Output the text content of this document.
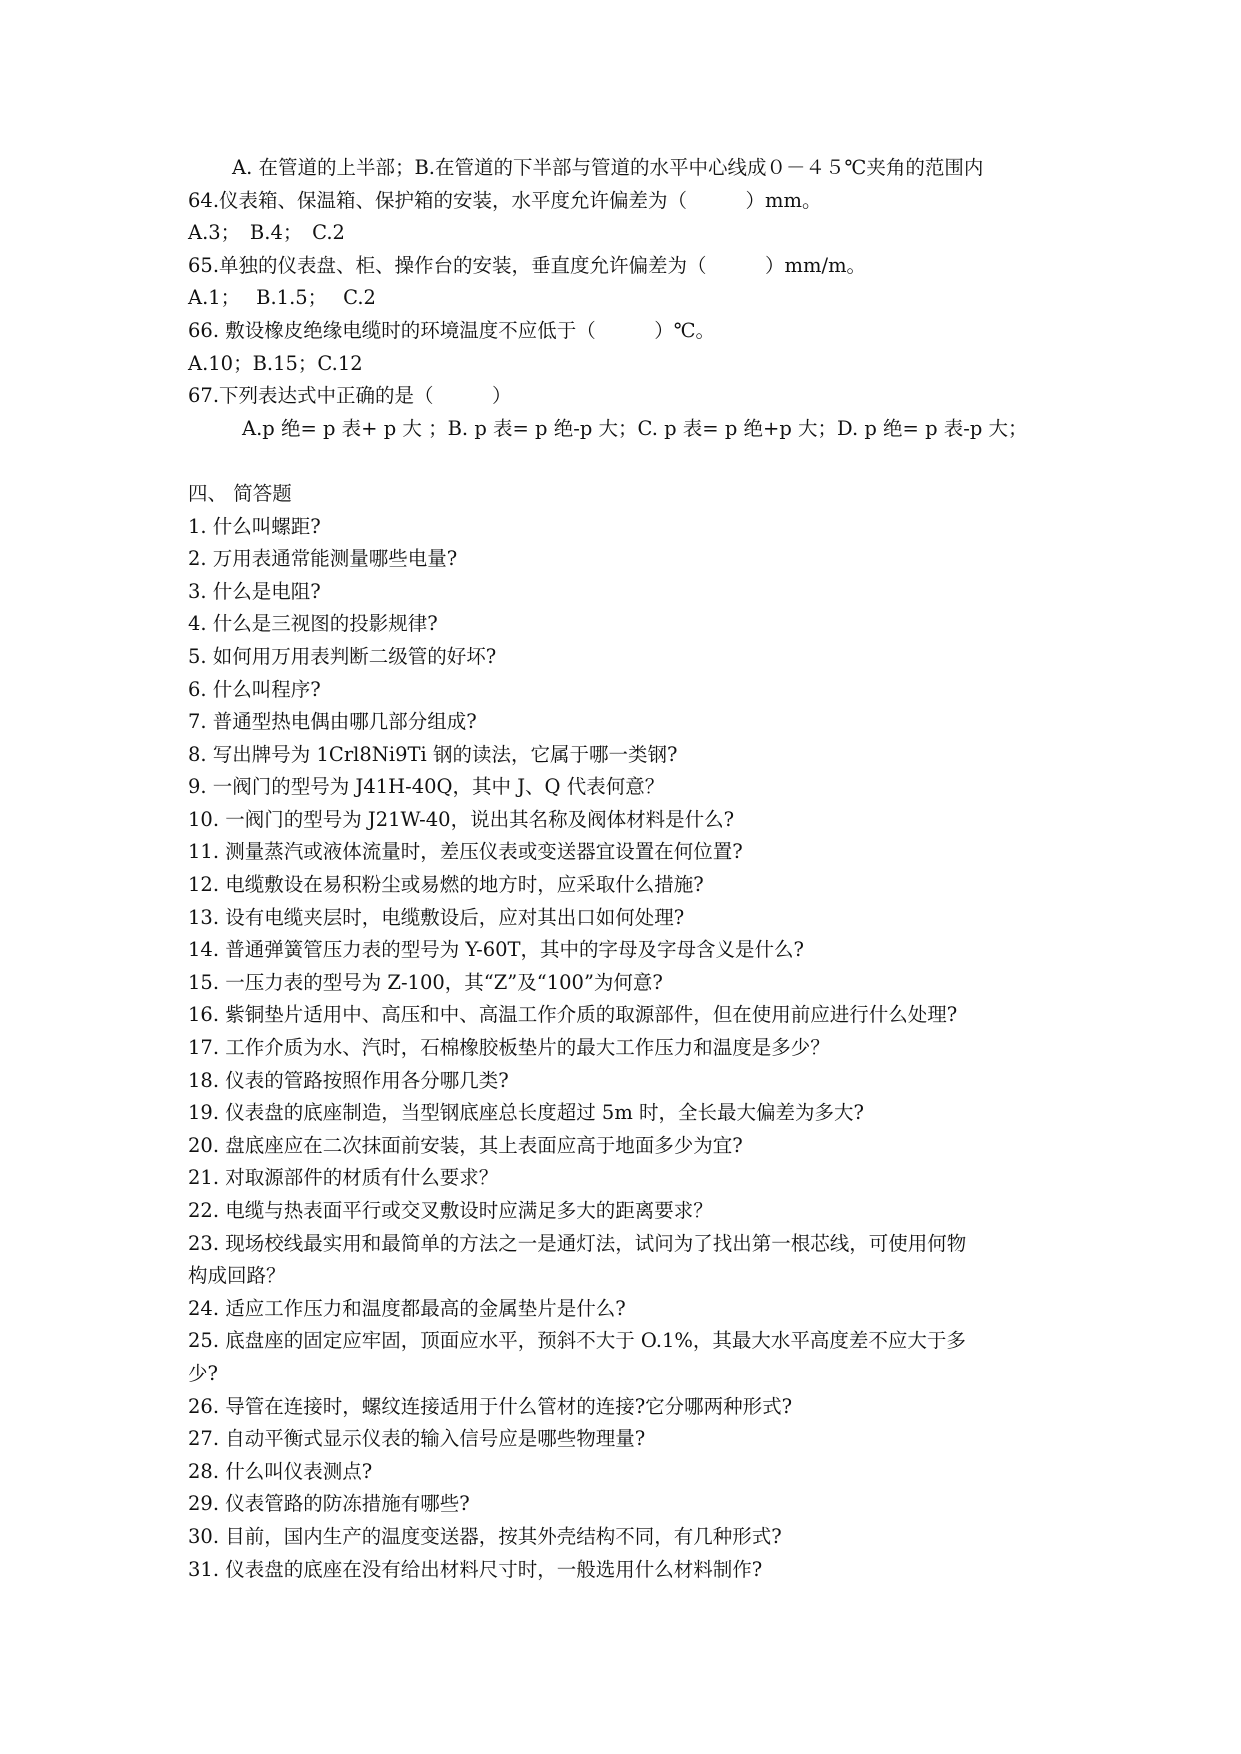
A. 在管道的上半部；B.在管道的下半部与管道的水平中心线成０－４５℃夹角的范围内
64.仪表箱、保温箱、保护箱的安装，水平度允许偏差为（　　　）mm。
A.3；　B.4；　C.2
65.单独的仪表盘、柜、操作台的安装，垂直度允许偏差为（　　　）mm/m。
A.1；　 B.1.5；　 C.2
66. 敷设橡皮绝缘电缆时的环境温度不应低于（　　　）℃。
A.10；B.15；C.12
67.下列表达式中正确的是（　　　）
A.p 绝= p 表+ p 大 ；B. p 表= p 绝-p 大；C. p 表= p 绝+p 大；D. p 绝= p 表-p 大；
四、 简答题
1. 什么叫螺距?
2. 万用表通常能测量哪些电量?
3. 什么是电阻?
4. 什么是三视图的投影规律?
5. 如何用万用表判断二级管的好坏?
6. 什么叫程序?
7. 普通型热电偶由哪几部分组成?
8. 写出牌号为 1Crl8Ni9Ti 钢的读法，它属于哪一类钢?
9. 一阀门的型号为 J41H-40Q，其中 J、Q 代表何意？
10. 一阀门的型号为 J21W-40，说出其名称及阀体材料是什么?
11. 测量蒸汽或液体流量时，差压仪表或变送器宜设置在何位置?
12. 电缆敷设在易积粉尘或易燃的地方时，应采取什么措施?
13. 设有电缆夹层时，电缆敷设后，应对其出口如何处理?
14. 普通弹簧管压力表的型号为 Y-60T，其中的字母及字母含义是什么?
15. 一压力表的型号为 Z-100，其“Z”及“100”为何意?
16. 紫铜垫片适用中、高压和中、高温工作介质的取源部件，但在使用前应进行什么处理?
17. 工作介质为水、汽时，石棉橡胶板垫片的最大工作压力和温度是多少？
18. 仪表的管路按照作用各分哪几类?
19. 仪表盘的底座制造，当型钢底座总长度超过 5m 时，全长最大偏差为多大?
20. 盘底座应在二次抹面前安装，其上表面应高于地面多少为宜?
21. 对取源部件的材质有什么要求？
22. 电缆与热表面平行或交叉敷设时应满足多大的距离要求？
23. 现场校线最实用和最简单的方法之一是通灯法，试问为了找出第一根芯线，可使用何物
构成回路？
24. 适应工作压力和温度都最高的金属垫片是什么?
25. 底盘座的固定应牢固，顶面应水平，预斜不大于 O.1%，其最大水平高度差不应大于多
少?
26. 导管在连接时，螺纹连接适用于什么管材的连接?它分哪两种形式?
27. 自动平衡式显示仪表的输入信号应是哪些物理量?
28. 什么叫仪表测点?
29. 仪表管路的防冻措施有哪些?
30. 目前，国内生产的温度变送器，按其外壳结构不同，有几种形式?
31. 仪表盘的底座在没有给出材料尺寸时，一般选用什么材料制作?
